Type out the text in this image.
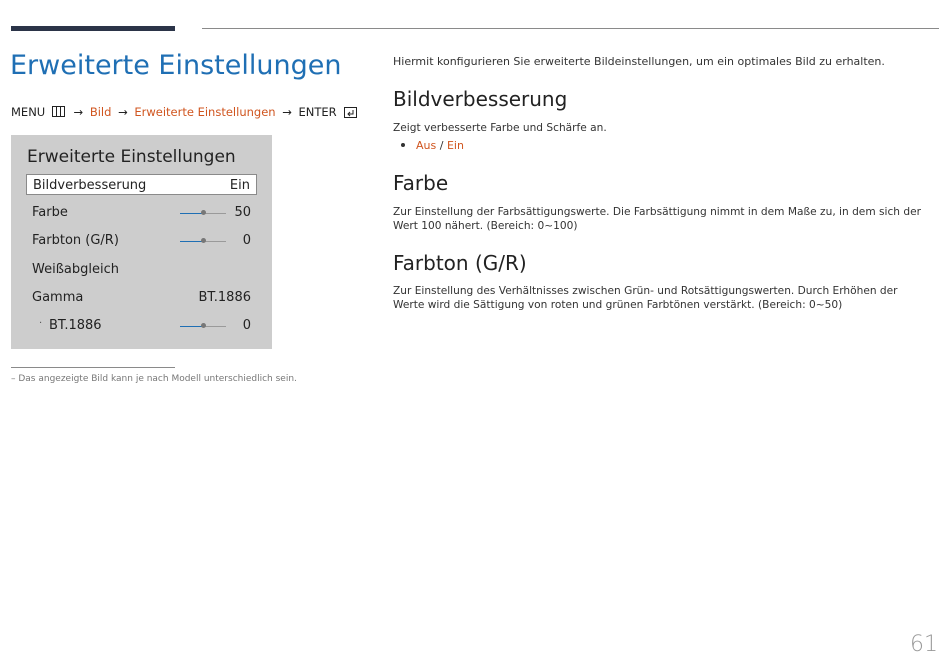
Erweiterte Einstellungen
MENU → Bild → Erweiterte Einstellungen → ENTER
Erweiterte Einstellungen
Bildverbesserung	Ein
Farbe	50
Farbton (G/R)	0
Weißabgleich
Gamma	BT.1886
· BT.1886	0
– Das angezeigte Bild kann je nach Modell unterschiedlich sein.
Hiermit konfigurieren Sie erweiterte Bildeinstellungen, um ein optimales Bild zu erhalten.
Bildverbesserung

Zeigt verbesserte Farbe und Schärfe an.

Aus / Ein
Farbe

Zur Einstellung der Farbsättigungswerte. Die Farbsättigung nimmt in dem Maße zu, in dem sich der Wert 100 nähert. (Bereich: 0~100)

Farbton (G/R)

Zur Einstellung des Verhältnisses zwischen Grün- und Rotsättigungswerten. Durch Erhöhen der Werte wird die Sättigung von roten und grünen Farbtönen verstärkt. (Bereich: 0~50)

61
